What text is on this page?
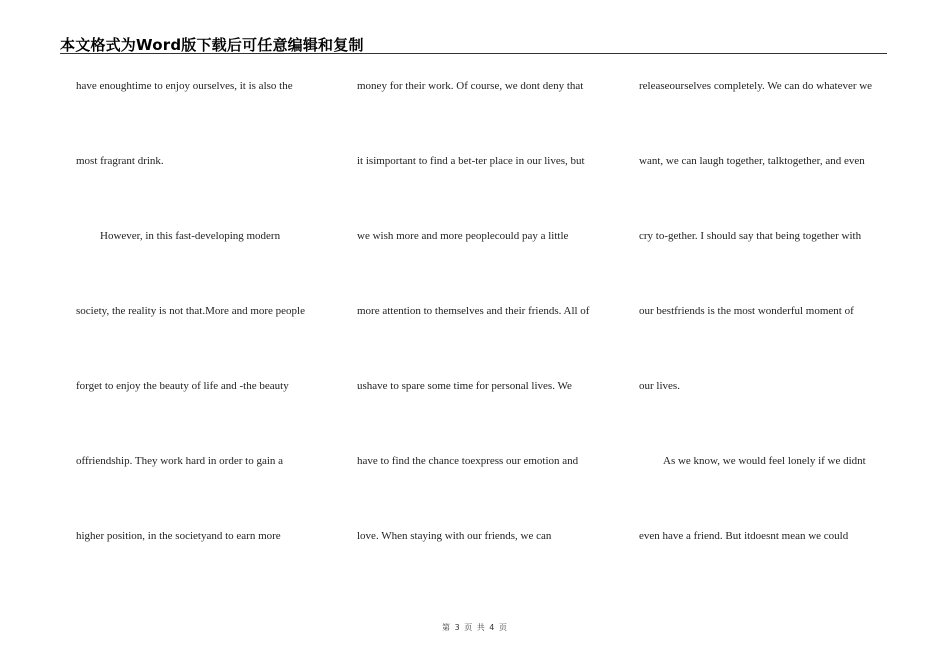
本文格式为Word版下载后可任意编辑和复制
have enoughtime to enjoy ourselves, it is also the
most fragrant drink.
However, in this fast-developing modern
society, the reality is not that.More and more people
forget to enjoy the beauty of life and -the beauty
offriendship. They work hard in order to gain a
higher position, in the societyand to earn more
money for their work. Of course, we dont deny that
it isimportant to find a bet-ter place in our lives, but
we wish more and more peoplecould pay a little
more attention to themselves and their friends. All of
ushave to spare some time for personal lives. We
have to find the chance toexpress our emotion and
love. When staying with our friends, we can
releaseourselves completely. We can do whatever we
want, we can laugh together, talktogether, and even
cry to-gether. I should say that being together with
our bestfriends is the most wonderful moment of
our lives.
As we know, we would feel lonely if we didnt
even have a friend. But itdoesnt mean we could
第 3 页 共 4 页
